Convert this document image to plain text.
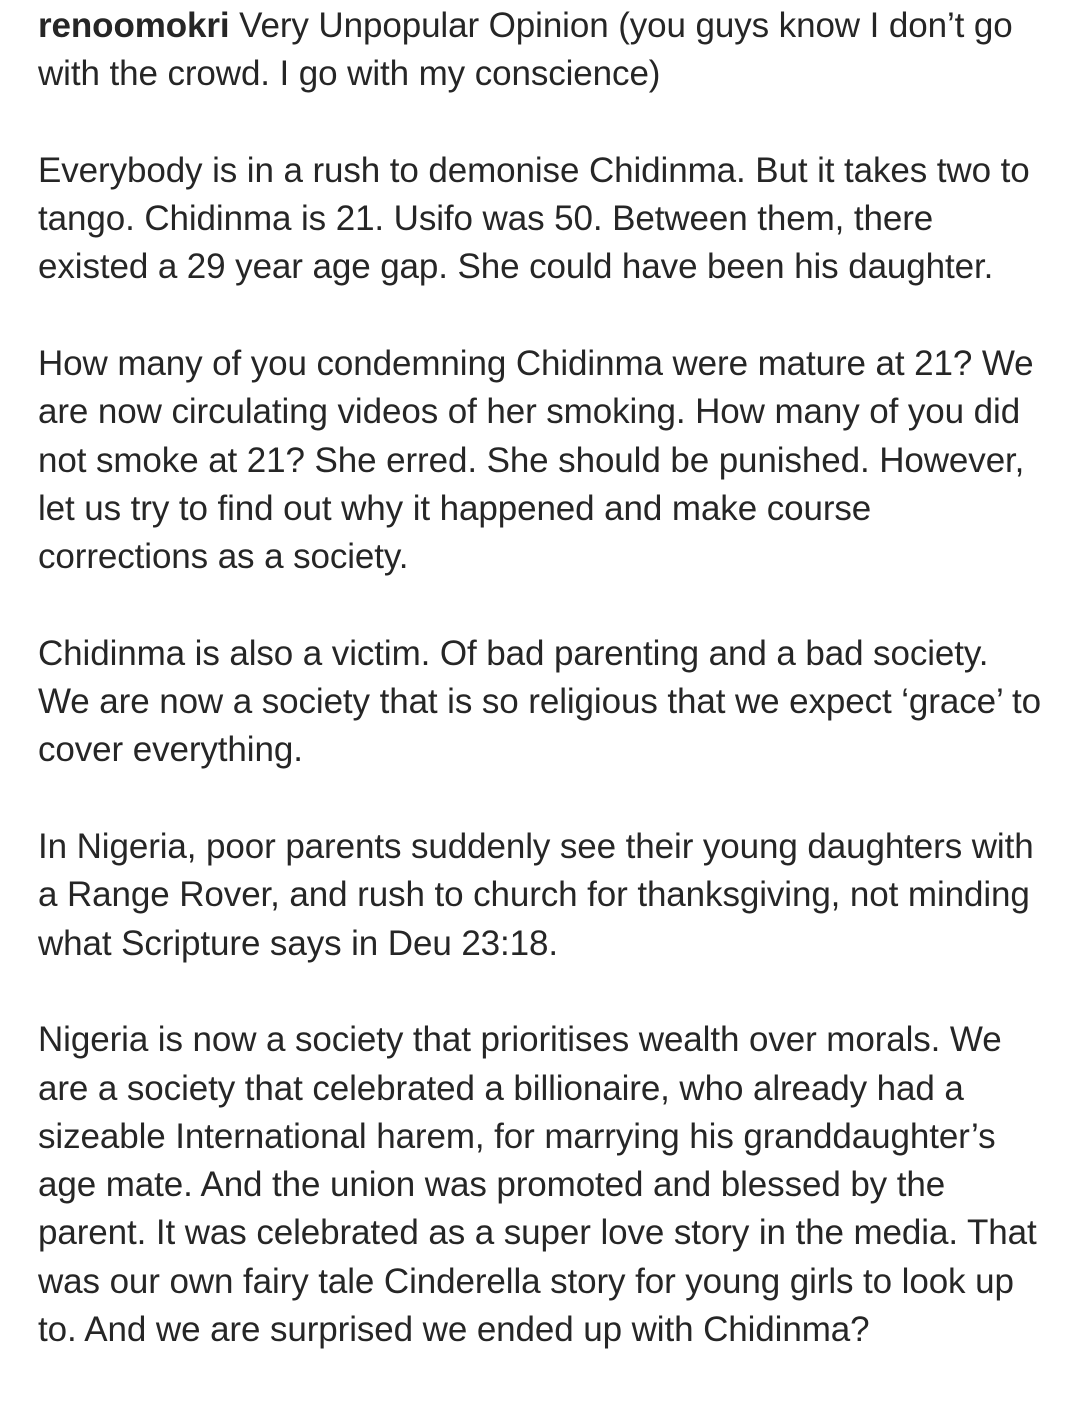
renoomokri Very Unpopular Opinion (you guys know I don’t go with the crowd. I go with my conscience)

Everybody is in a rush to demonise Chidinma. But it takes two to tango. Chidinma is 21. Usifo was 50. Between them, there existed a 29 year age gap. She could have been his daughter.

How many of you condemning Chidinma were mature at 21? We are now circulating videos of her smoking. How many of you did not smoke at 21? She erred. She should be punished. However, let us try to find out why it happened and make course corrections as a society.

Chidinma is also a victim. Of bad parenting and a bad society. We are now a society that is so religious that we expect ‘grace’ to cover everything.

In Nigeria, poor parents suddenly see their young daughters with a Range Rover, and rush to church for thanksgiving, not minding what Scripture says in Deu 23:18.

Nigeria is now a society that prioritises wealth over morals. We are a society that celebrated a billionaire, who already had a sizeable International harem, for marrying his granddaughter’s age mate. And the union was promoted and blessed by the parent. It was celebrated as a super love story in the media. That was our own fairy tale Cinderella story for young girls to look up to. And we are surprised we ended up with Chidinma?
